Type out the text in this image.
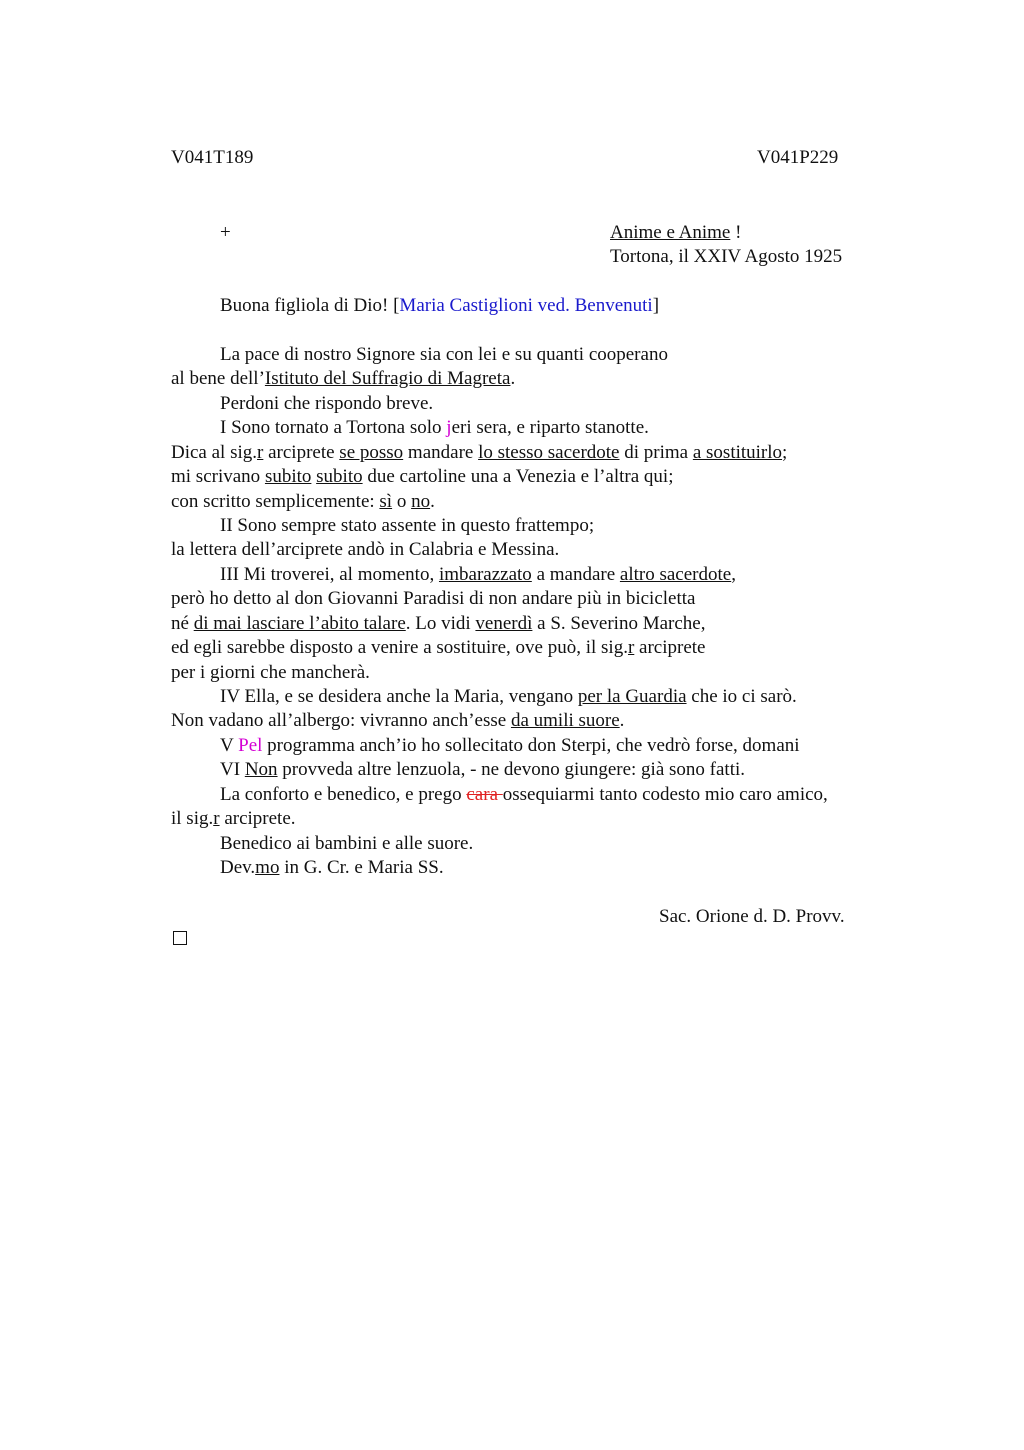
V041T189	V041P229
+	Anime e Anime !
Tortona, il XXIV Agosto 1925
Buona figliola di Dio! [Maria Castiglioni ved. Benvenuti]
La pace di nostro Signore sia con lei e su quanti cooperano
al bene dell’Istituto del Suffragio di Magreta.
Perdoni che rispondo breve.
I Sono tornato a Tortona solo jeri sera, e riparto stanotte.
Dica al sig.r arciprete se posso mandare lo stesso sacerdote di prima a sostituirlo;
mi scrivano subito subito due cartoline una a Venezia e l’altra qui;
con scritto semplicemente: sì o no.
II Sono sempre stato assente in questo frattempo;
la lettera dell’arciprete andò in Calabria e Messina.
III Mi troverei, al momento, imbarazzato a mandare altro sacerdote,
però ho detto al don Giovanni Paradisi di non andare più in bicicletta
né di mai lasciare l’abito talare. Lo vidi venerdì a S. Severino Marche,
ed egli sarebbe disposto a venire a sostituire, ove può, il sig.r arciprete
per i giorni che mancherà.
IV Ella, e se desidera anche la Maria, vengano per la Guardia che io ci sarò.
Non vadano all’albergo: vivranno anch’esse da umili suore.
V Pel programma anch’io ho sollecitato don Sterpi, che vedrò forse, domani
VI Non provveda altre lenzuola, - ne devono giungere: già sono fatti.
La conforto e benedico, e prego cara ossequiarmi tanto codesto mio caro amico,
il sig.r arciprete.
Benedico ai bambini e alle suore.
Dev.mo in G. Cr. e Maria SS.
Sac. Orione d. D. Provv.
